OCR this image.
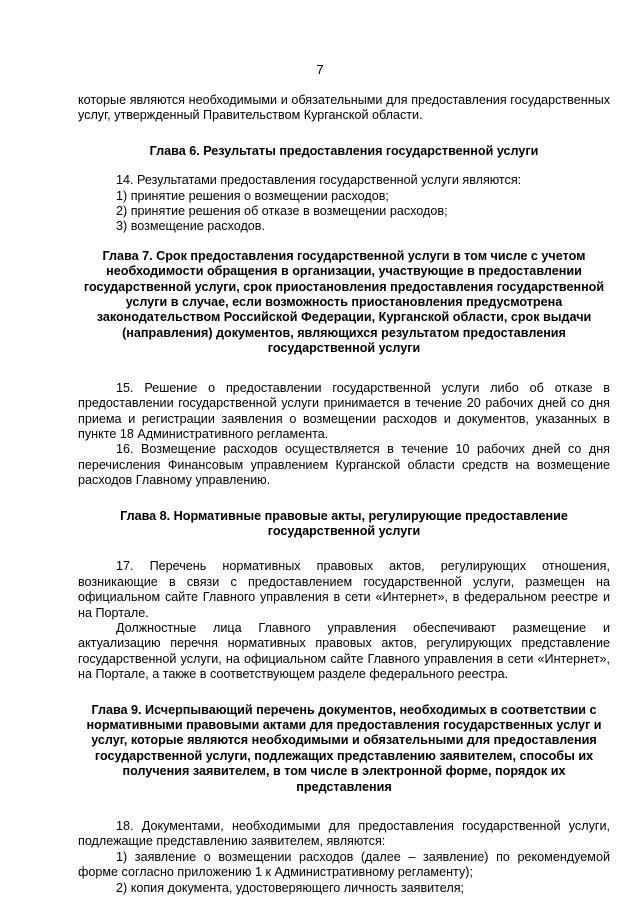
7

которые являются необходимыми и обязательными для предоставления государственных услуг, утвержденный Правительством Курганской области.

Глава 6. Результаты предоставления государственной услуги

14. Результатами предоставления государственной услуги являются:

1) принятие решения о возмещении расходов;

2) принятие решения об отказе в возмещении расходов;

3) возмещение расходов.

Глава 7. Срок предоставления государственной услуги в том числе с учетом необходимости обращения в организации, участвующие в предоставлении государственной услуги, срок приостановления предоставления государственной услуги в случае, если возможность приостановления предусмотрена законодательством Российской Федерации, Курганской области, срок выдачи (направления) документов, являющихся результатом предоставления государственной услуги

15. Решение о предоставлении государственной услуги либо об отказе в предоставлении государственной услуги принимается в течение 20 рабочих дней со дня приема и регистрации заявления о возмещении расходов и документов, указанных в пункте 18 Административного регламента.

16. Возмещение расходов осуществляется в течение 10 рабочих дней со дня перечисления Финансовым управлением Курганской области средств на возмещение расходов Главному управлению.

Глава 8. Нормативные правовые акты, регулирующие предоставление государственной услуги

17. Перечень нормативных правовых актов, регулирующих отношения, возникающие в связи с предоставлением государственной услуги, размещен на официальном сайте Главного управления в сети «Интернет», в федеральном реестре и на Портале.

Должностные лица Главного управления обеспечивают размещение и актуализацию перечня нормативных правовых актов, регулирующих представление государственной услуги, на официальном сайте Главного управления в сети «Интернет», на Портале, а также в соответствующем разделе федерального реестра.

Глава 9. Исчерпывающий перечень документов, необходимых в соответствии с нормативными правовыми актами для предоставления государственных услуг и услуг, которые являются необходимыми и обязательными для предоставления государственной услуги, подлежащих представлению заявителем, способы их получения заявителем, в том числе в электронной форме, порядок их представления

18. Документами, необходимыми для предоставления государственной услуги, подлежащие представлению заявителем, являются:

1) заявление о возмещении расходов (далее – заявление) по рекомендуемой форме согласно приложению 1 к Административному регламенту);

2) копия документа, удостоверяющего личность заявителя;
